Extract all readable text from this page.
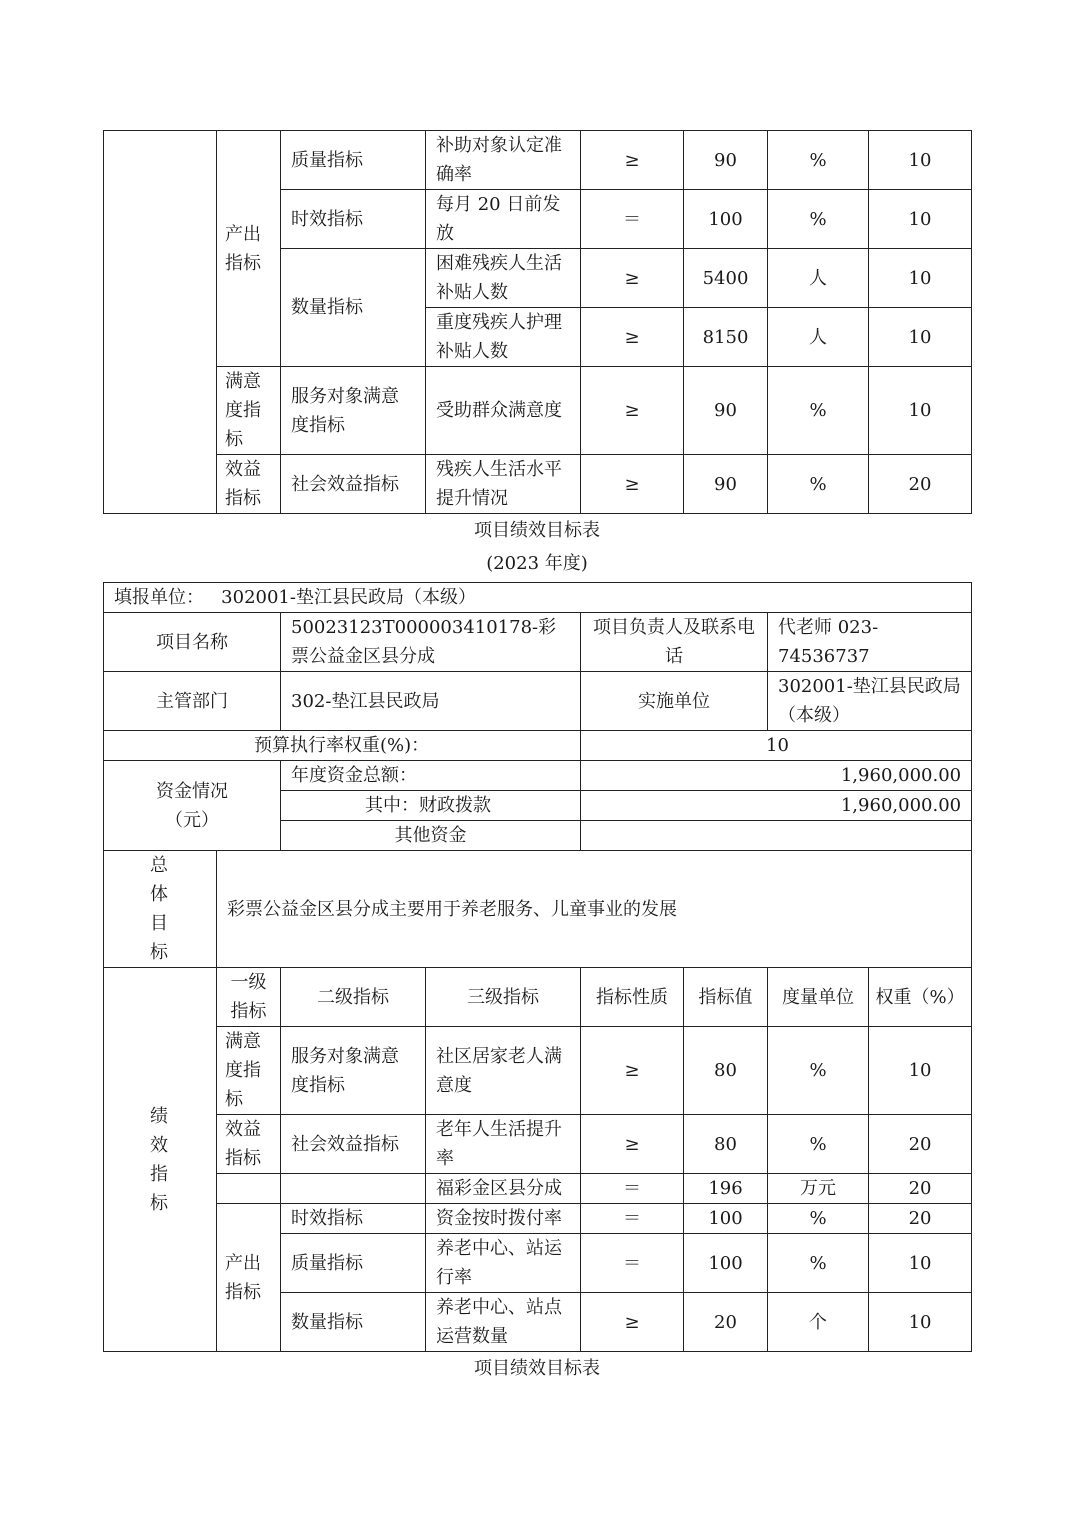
	产出指标	质量指标	补助对象认定准确率	≥	90	%	10
		时效指标	每月 20 日前发放	＝	100	%	10
		数量指标	困难残疾人生活补贴人数	≥	5400	人	10
			重度残疾人护理补贴人数	≥	8150	人	10
	满意度指标	服务对象满意度指标	受助群众满意度	≥	90	%	10
	效益指标	社会效益指标	残疾人生活水平提升情况	≥	90	%	20
项目绩效目标表
(2023 年度)
填报单位： 302001-垫江县民政局（本级）							
项目名称		50023123T000003410178-彩票公益金区县分成		项目负责人及联系电话		代老师 023-74536737	
主管部门		302-垫江县民政局		实施单位		302001-垫江县民政局（本级）	
预算执行率权重(%)：				10			
资金情况（元）		年度资金总额：		1,960,000.00			
		其中：财政拨款		1,960,000.00			
		其他资金					
总体目标	彩票公益金区县分成主要用于养老服务、儿童事业的发展						
绩效指标	一级指标	二级指标	三级指标	指标性质	指标值	度量单位	权重（%）
	满意度指标	服务对象满意度指标	社区居家老人满意度	≥	80	%	10
	效益指标	社会效益指标	老年人生活提升率	≥	80	%	20
			福彩金区县分成	＝	196	万元	20
	产出指标	时效指标	资金按时拨付率	＝	100	%	20
		质量指标	养老中心、站运行率	＝	100	%	10
		数量指标	养老中心、站点运营数量	≥	20	个	10
项目绩效目标表
